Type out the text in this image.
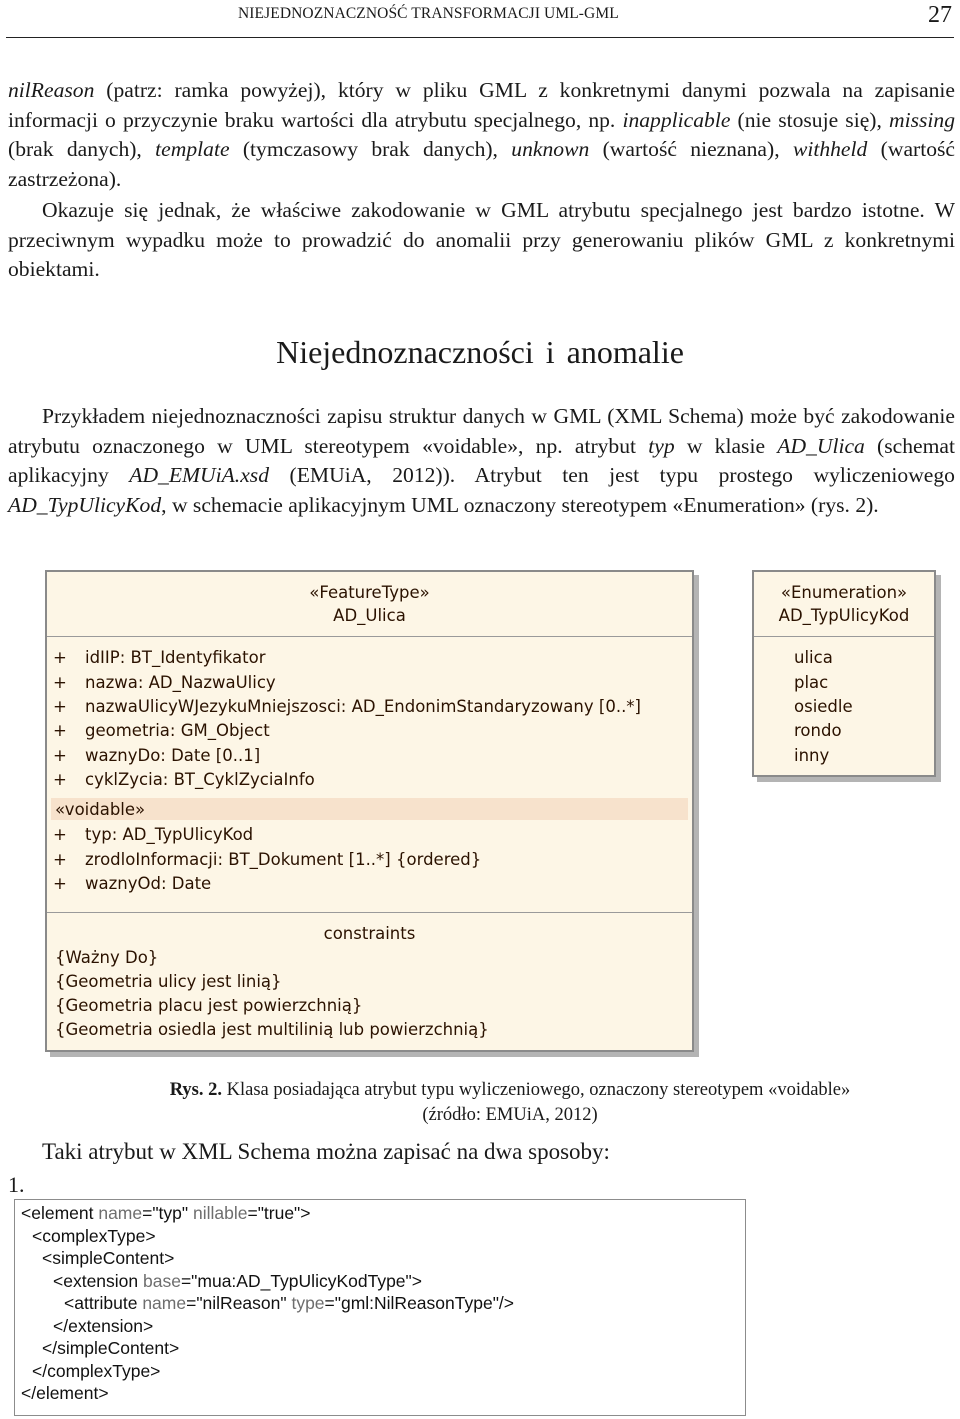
NIEJEDNOZNACZNOŚĆ TRANSFORMACJI UML-GML	27

nilReason (patrz: ramka powyżej), który w pliku GML z konkretnymi danymi pozwala na zapisanie informacji o przyczynie braku wartości dla atrybutu specjalnego, np. inapplicable (nie stosuje się), missing (brak danych), template (tymczasowy brak danych), unknown (wartość nieznana), withheld (wartość zastrzeżona).

Okazuje się jednak, że właściwe zakodowanie w GML atrybutu specjalnego jest bardzo istotne. W przeciwnym wypadku może to prowadzić do anomalii przy generowaniu plików GML z konkretnymi obiektami.

Niejednoznaczności i anomalie

Przykładem niejednoznaczności zapisu struktur danych w GML (XML Schema) może być zakodowanie atrybutu oznaczonego w UML stereotypem «voidable», np. atrybut typ w klasie AD_Ulica (schemat aplikacyjny AD_EMUiA.xsd (EMUiA, 2012)). Atrybut ten jest typu prostego wyliczeniowego AD_TypUlicyKod, w schemacie aplikacyjnym UML oznaczony stereotypem «Enumeration» (rys. 2).

«FeatureType»
AD_Ulica
+ idIIP: BT_Identyfikator
+ nazwa: AD_NazwaUlicy
+ nazwaUlicyWJezykuMniejszosci: AD_EndonimStandaryzowany [0..*]
+ geometria: GM_Object
+ waznyDo: Date [0..1]
+ cyklZycia: BT_CyklZyciaInfo
«voidable»
+ typ: AD_TypUlicyKod
+ zrodloInformacji: BT_Dokument [1..*] {ordered}
+ waznyOd: Date
constraints
{Ważny Do}
{Geometria ulicy jest linią}
{Geometria placu jest powierzchnią}
{Geometria osiedla jest multilinią lub powierzchnią}
«Enumeration»
AD_TypUlicyKod
ulica
plac
osiedle
rondo
inny
Rys. 2. Klasa posiadająca atrybut typu wyliczeniowego, oznaczony stereotypem «voidable»
(źródło: EMUiA, 2012)
Taki atrybut w XML Schema można zapisać na dwa sposoby:
1.
<element name="typ" nillable="true">
<complexType>
<simpleContent>
<extension base="mua:AD_TypUlicyKodType">
<attribute name="nilReason" type="gml:NilReasonType"/>
</extension>
</simpleContent>
</complexType>
</element>
